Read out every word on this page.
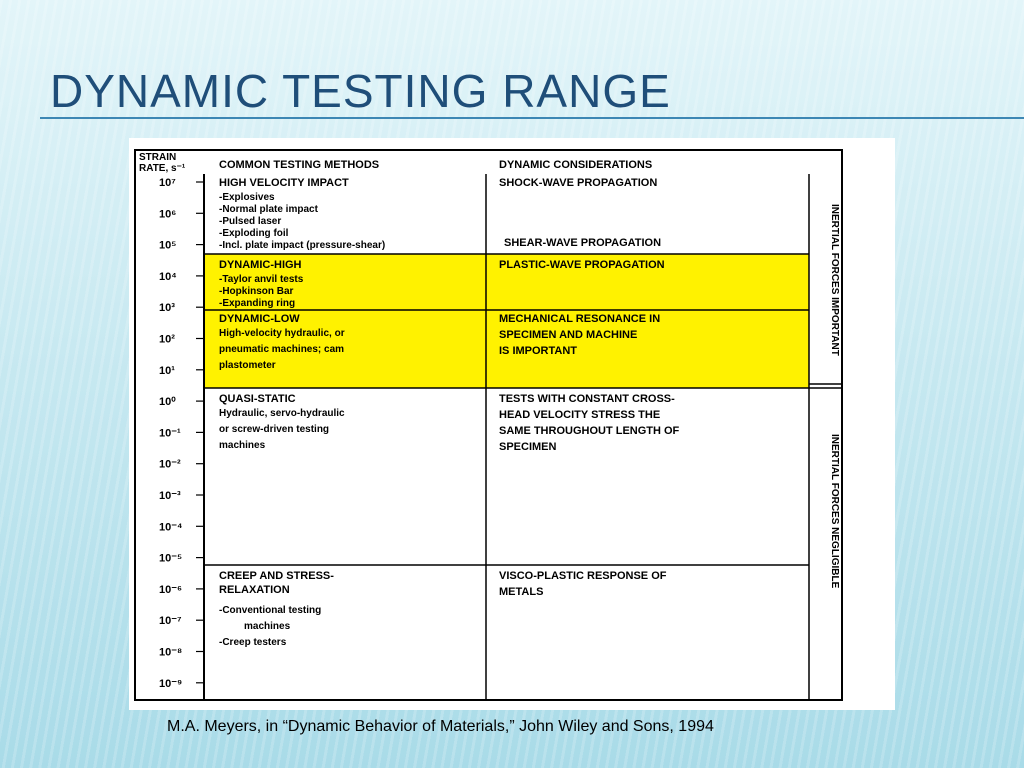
DYNAMIC TESTING RANGE
STRAIN
RATE, s⁻¹
10⁷
10⁶
10⁵
10⁴
10³
10²
10¹
10⁰
10⁻¹
10⁻²
10⁻³
10⁻⁴
10⁻⁵
10⁻⁶
10⁻⁷
10⁻⁸
10⁻⁹
COMMON TESTING METHODS	DYNAMIC CONSIDERATIONS
HIGH VELOCITY IMPACT
-Explosives
-Normal plate impact
-Pulsed laser
-Exploding foil
-Incl. plate impact (pressure-shear)
SHOCK-WAVE PROPAGATION
SHEAR-WAVE PROPAGATION
DYNAMIC-HIGH
-Taylor anvil tests
-Hopkinson Bar
-Expanding ring
PLASTIC-WAVE PROPAGATION
DYNAMIC-LOW
High-velocity hydraulic, or
pneumatic machines; cam
plastometer
MECHANICAL RESONANCE IN
SPECIMEN AND MACHINE
IS IMPORTANT
QUASI-STATIC
Hydraulic, servo-hydraulic
or screw-driven testing
machines
TESTS WITH CONSTANT CROSS-
HEAD VELOCITY STRESS THE
SAME THROUGHOUT LENGTH OF
SPECIMEN
CREEP AND STRESS-
RELAXATION
-Conventional testing
machines
-Creep testers
VISCO-PLASTIC RESPONSE OF
METALS
INERTIAL FORCES IMPORTANT
INERTIAL FORCES NEGLIGIBLE

M.A. Meyers, in “Dynamic Behavior of Materials,” John Wiley and Sons, 1994
